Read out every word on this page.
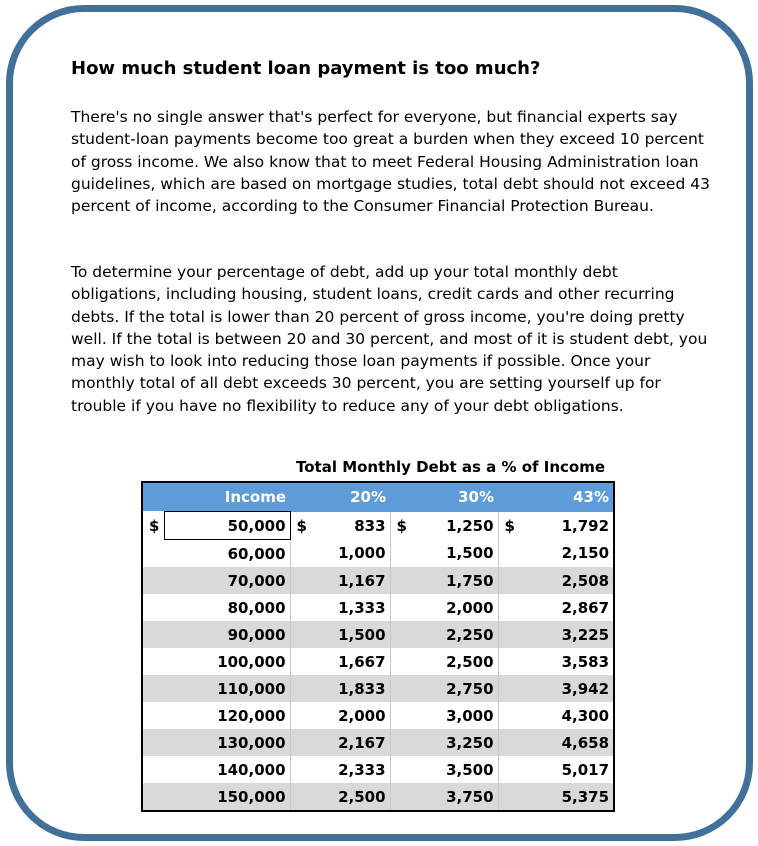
How much student loan payment is too much?

There's no single answer that's perfect for everyone, but financial experts say student-loan payments become too great a burden when they exceed 10 percent of gross income. We also know that to meet Federal Housing Administration loan guidelines, which are based on mortgage studies, total debt should not exceed 43 percent of income, according to the Consumer Financial Protection Bureau.

To determine your percentage of debt, add up your total monthly debt obligations, including housing, student loans, credit cards and other recurring debts. If the total is lower than 20 percent of gross income, you're doing pretty well. If the total is between 20 and 30 percent, and most of it is student debt, you may wish to look into reducing those loan payments if possible. Once your monthly total of all debt exceeds 30 percent, you are setting yourself up for trouble if you have no flexibility to reduce any of your debt obligations.

Total Monthly Debt as a % of Income
Income		20%		30%		43%	
$	50,000	$	833	$	1,250	$	1,792
	60,000		1,000		1,500		2,150
	70,000		1,167		1,750		2,508
	80,000		1,333		2,000		2,867
	90,000		1,500		2,250		3,225
	100,000		1,667		2,500		3,583
	110,000		1,833		2,750		3,942
	120,000		2,000		3,000		4,300
	130,000		2,167		3,250		4,658
	140,000		2,333		3,500		5,017
	150,000		2,500		3,750		5,375
